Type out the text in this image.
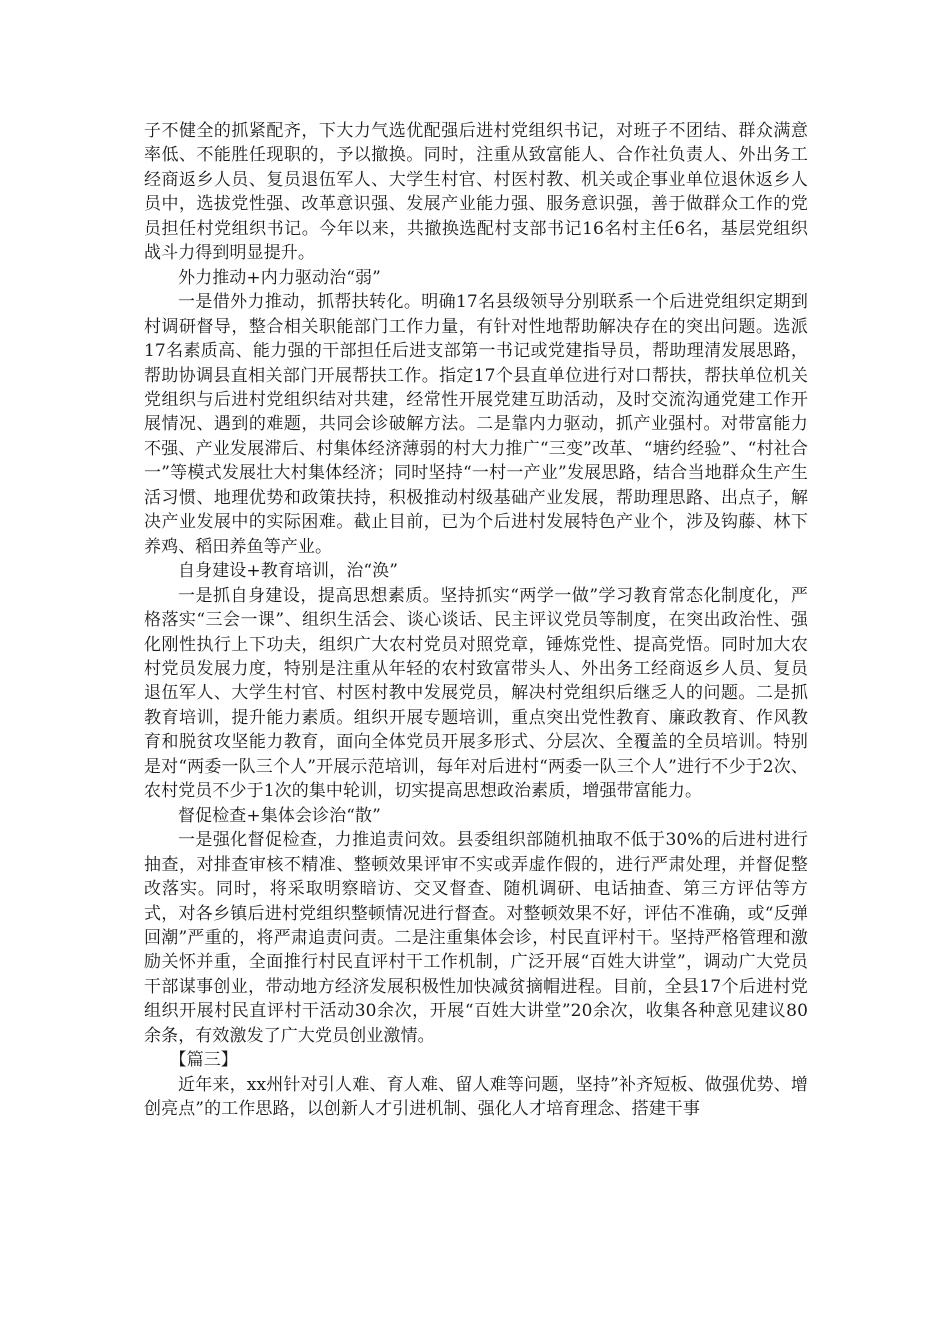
子不健全的抓紧配齐，下大力气选优配强后进村党组织书记，对班子不团结、群众满意率低、不能胜任现职的，予以撤换。同时，注重从致富能人、合作社负责人、外出务工经商返乡人员、复员退伍军人、大学生村官、村医村教、机关或企事业单位退休返乡人员中，选拔党性强、改革意识强、发展产业能力强、服务意识强，善于做群众工作的党员担任村党组织书记。今年以来，共撤换选配村支部书记16名村主任6名，基层党组织战斗力得到明显提升。

外力推动+内力驱动治“弱”

一是借外力推动，抓帮扶转化。明确17名县级领导分别联系一个后进党组织定期到村调研督导，整合相关职能部门工作力量，有针对性地帮助解决存在的突出问题。选派17名素质高、能力强的干部担任后进支部第一书记或党建指导员，帮助理清发展思路，帮助协调县直相关部门开展帮扶工作。指定17个县直单位进行对口帮扶，帮扶单位机关党组织与后进村党组织结对共建，经常性开展党建互助活动，及时交流沟通党建工作开展情况、遇到的难题，共同会诊破解方法。二是靠内力驱动，抓产业强村。对带富能力不强、产业发展滞后、村集体经济薄弱的村大力推广“三变”改革、“塘约经验”、“村社合一”等模式发展壮大村集体经济；同时坚持“一村一产业”发展思路，结合当地群众生产生活习惯、地理优势和政策扶持，积极推动村级基础产业发展，帮助理思路、出点子，解决产业发展中的实际困难。截止目前，已为个后进村发展特色产业个，涉及钩藤、林下养鸡、稻田养鱼等产业。

自身建设+教育培训，治“涣”

一是抓自身建设，提高思想素质。坚持抓实“两学一做”学习教育常态化制度化，严格落实“三会一课”、组织生活会、谈心谈话、民主评议党员等制度，在突出政治性、强化刚性执行上下功夫，组织广大农村党员对照党章，锤炼党性、提高党悟。同时加大农村党员发展力度，特别是注重从年轻的农村致富带头人、外出务工经商返乡人员、复员退伍军人、大学生村官、村医村教中发展党员，解决村党组织后继乏人的问题。二是抓教育培训，提升能力素质。组织开展专题培训，重点突出党性教育、廉政教育、作风教育和脱贫攻坚能力教育，面向全体党员开展多形式、分层次、全覆盖的全员培训。特别是对“两委一队三个人”开展示范培训，每年对后进村“两委一队三个人”进行不少于2次、农村党员不少于1次的集中轮训，切实提高思想政治素质，增强带富能力。

督促检查+集体会诊治“散”

一是强化督促检查，力推追责问效。县委组织部随机抽取不低于30%的后进村进行抽查，对排查审核不精准、整顿效果评审不实或弄虚作假的，进行严肃处理，并督促整改落实。同时，将采取明察暗访、交叉督查、随机调研、电话抽查、第三方评估等方式，对各乡镇后进村党组织整顿情况进行督查。对整顿效果不好，评估不准确，或“反弹回潮”严重的，将严肃追责问责。二是注重集体会诊，村民直评村干。坚持严格管理和激励关怀并重，全面推行村民直评村干工作机制，广泛开展“百姓大讲堂”，调动广大党员干部谋事创业，带动地方经济发展积极性加快减贫摘帽进程。目前，全县17个后进村党组织开展村民直评村干活动30余次，开展“百姓大讲堂”20余次，收集各种意见建议80余条，有效激发了广大党员创业激情。

【篇三】

近年来，xx州针对引人难、育人难、留人难等问题，坚持”补齐短板、做强优势、增创亮点”的工作思路，以创新人才引进机制、强化人才培育理念、搭建干事
